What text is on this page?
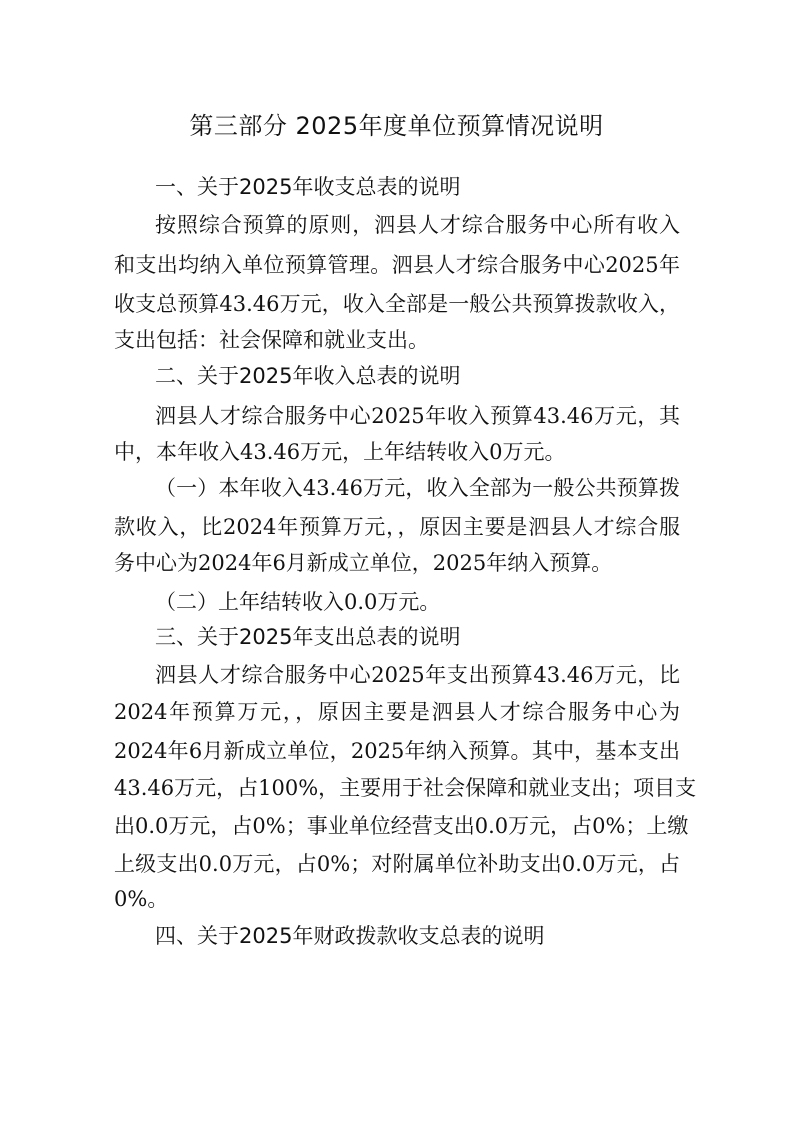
第三部分 2025年度单位预算情况说明
一、关于2025年收支总表的说明
按照综合预算的原则，泗县人才综合服务中心所有收入
和支出均纳入单位预算管理。泗县人才综合服务中心2025年
收支总预算43.46万元，收入全部是一般公共预算拨款收入，
支出包括：社会保障和就业支出。
二、关于2025年收入总表的说明
泗县人才综合服务中心2025年收入预算43.46万元，其
中，本年收入43.46万元，上年结转收入0万元。
（一）本年收入43.46万元，收入全部为一般公共预算拨
款收入，比2024年预算万元，，原因主要是泗县人才综合服
务中心为2024年6月新成立单位，2025年纳入预算。
（二）上年结转收入0.0万元。
三、关于2025年支出总表的说明
泗县人才综合服务中心2025年支出预算43.46万元，比
2024年预算万元，，原因主要是泗县人才综合服务中心为
2024年6月新成立单位，2025年纳入预算。其中，基本支出
43.46万元，占100%，主要用于社会保障和就业支出；项目支
出0.0万元，占0%；事业单位经营支出0.0万元，占0%；上缴
上级支出0.0万元，占0%；对附属单位补助支出0.0万元，占
0%。
四、关于2025年财政拨款收支总表的说明
